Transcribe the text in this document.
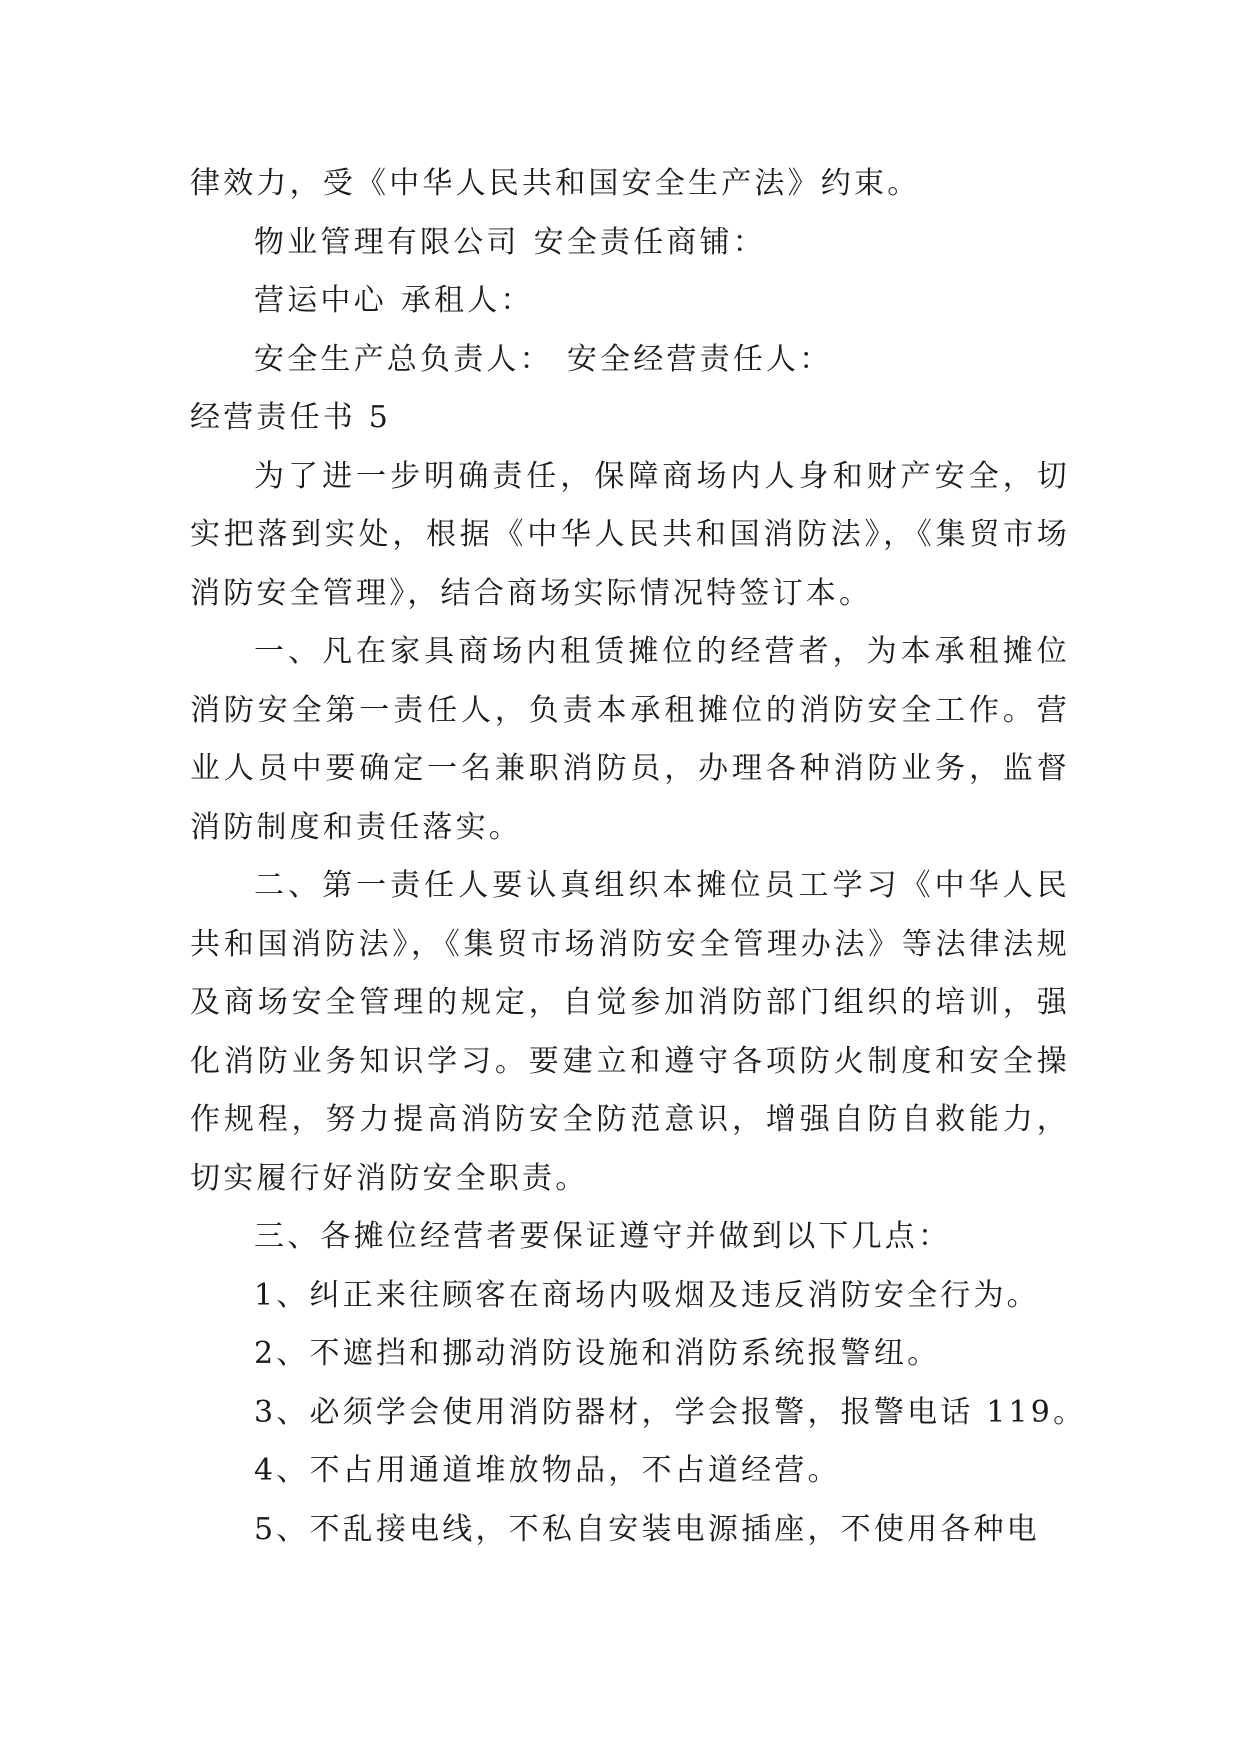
律效力，受《中华人民共和国安全生产法》约束。

物业管理有限公司 安全责任商铺：

营运中心 承租人：

安全生产总负责人： 安全经营责任人：

经营责任书 5

为了进一步明确责任，保障商场内人身和财产安全，切实把落到实处，根据《中华人民共和国消防法》，《集贸市场消防安全管理》，结合商场实际情况特签订本。

一、凡在家具商场内租赁摊位的经营者，为本承租摊位消防安全第一责任人，负责本承租摊位的消防安全工作。营业人员中要确定一名兼职消防员，办理各种消防业务，监督消防制度和责任落实。

二、第一责任人要认真组织本摊位员工学习《中华人民共和国消防法》，《集贸市场消防安全管理办法》等法律法规及商场安全管理的规定，自觉参加消防部门组织的培训，强化消防业务知识学习。要建立和遵守各项防火制度和安全操作规程，努力提高消防安全防范意识，增强自防自救能力，切实履行好消防安全职责。

三、各摊位经营者要保证遵守并做到以下几点：

1、纠正来往顾客在商场内吸烟及违反消防安全行为。

2、不遮挡和挪动消防设施和消防系统报警纽。

3、必须学会使用消防器材，学会报警，报警电话 119。

4、不占用通道堆放物品，不占道经营。

5、不乱接电线，不私自安装电源插座，不使用各种电
